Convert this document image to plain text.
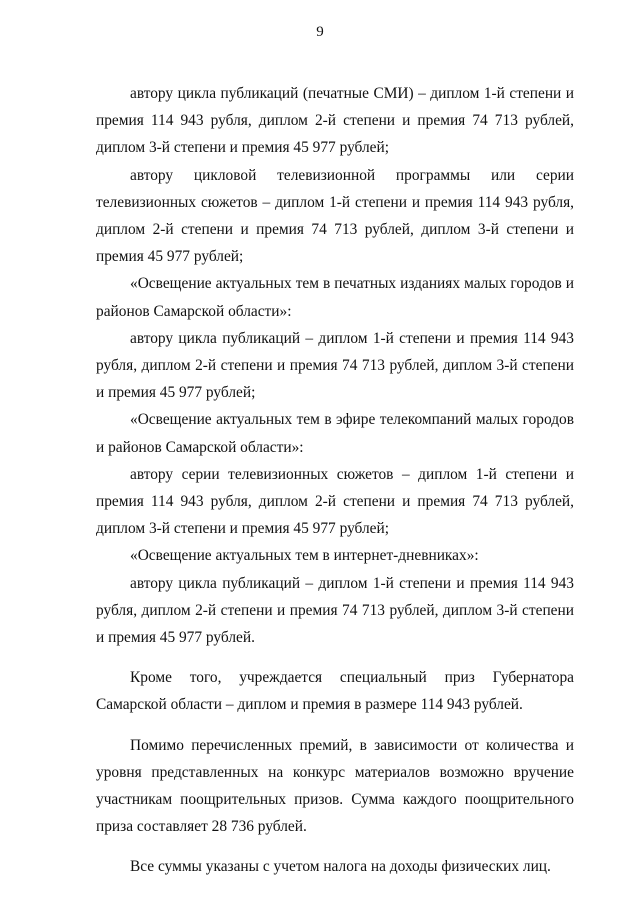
9

автору цикла публикаций (печатные СМИ) – диплом 1-й степени и премия 114 943 рубля, диплом 2-й степени и премия 74 713 рублей, диплом 3-й степени и премия 45 977 рублей;

автору цикловой телевизионной программы или серии телевизионных сюжетов – диплом 1-й степени и премия 114 943 рубля, диплом 2-й степени и премия 74 713 рублей, диплом 3-й степени и премия 45 977 рублей;

«Освещение актуальных тем в печатных изданиях малых городов и районов Самарской области»:

автору цикла публикаций – диплом 1-й степени и премия 114 943 рубля, диплом 2-й степени и премия 74 713 рублей, диплом 3-й степени и премия 45 977 рублей;

«Освещение актуальных тем в эфире телекомпаний малых городов и районов Самарской области»:

автору серии телевизионных сюжетов – диплом 1-й степени и премия 114 943 рубля, диплом 2-й степени и премия 74 713 рублей, диплом 3-й степени и премия 45 977 рублей;

«Освещение актуальных тем в интернет-дневниках»:

автору цикла публикаций – диплом 1-й степени и премия 114 943 рубля, диплом 2-й степени и премия 74 713 рублей, диплом 3-й степени и премия 45 977 рублей.

Кроме того, учреждается специальный приз Губернатора Самарской области – диплом и премия в размере 114 943 рублей.

Помимо перечисленных премий, в зависимости от количества и уровня представленных на конкурс материалов возможно вручение участникам поощрительных призов. Сумма каждого поощрительного приза составляет 28 736 рублей.

Все суммы указаны с учетом налога на доходы физических лиц.
